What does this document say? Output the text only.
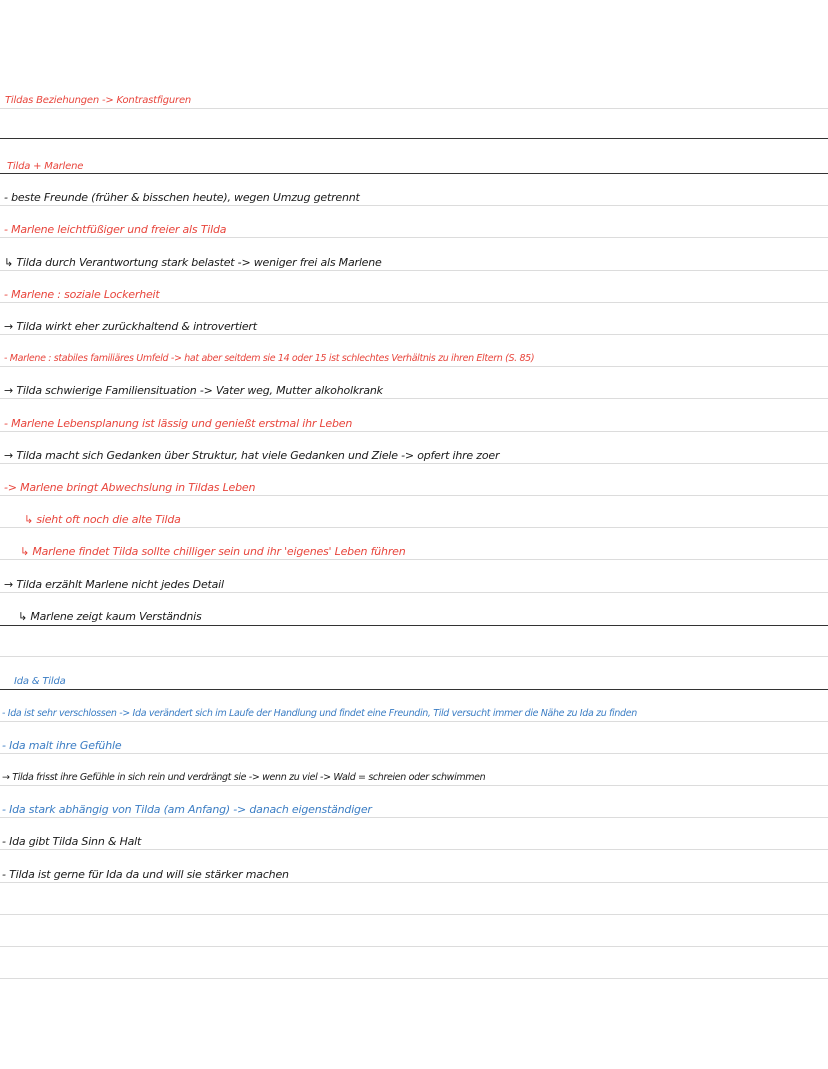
Tildas Beziehungen -> Kontrastfiguren
Tilda + Marlene
- beste Freunde (früher & bisschen heute), wegen Umzug getrennt
- Marlene leichtfüßiger und freier als Tilda
↳ Tilda durch Verantwortung stark belastet -> weniger frei als Marlene
- Marlene : soziale Lockerheit
→ Tilda wirkt eher zurückhaltend & introvertiert
- Marlene : stabiles familiäres Umfeld -> hat aber seitdem sie 14 oder 15 ist schlechtes Verhältnis zu ihren Eltern (S. 85)
→ Tilda schwierige Familiensituation -> Vater weg, Mutter alkoholkrank
- Marlene Lebensplanung ist lässig und genießt erstmal ihr Leben
→ Tilda macht sich Gedanken über Struktur, hat viele Gedanken und Ziele -> opfert ihre zoer
-> Marlene bringt Abwechslung in Tildas Leben
↳ sieht oft noch die alte Tilda
↳ Marlene findet Tilda sollte chilliger sein und ihr 'eigenes' Leben führen
→ Tilda erzählt Marlene nicht jedes Detail
↳ Marlene zeigt kaum Verständnis
Ida & Tilda
- Ida ist sehr verschlossen -> Ida verändert sich im Laufe der Handlung und findet eine Freundin, Tild versucht immer die Nähe zu Ida zu finden
- Ida malt ihre Gefühle
→ Tilda frisst ihre Gefühle in sich rein und verdrängt sie -> wenn zu viel -> Wald = schreien oder schwimmen
- Ida stark abhängig von Tilda (am Anfang) -> danach eigenständiger
- Ida gibt Tilda Sinn & Halt
- Tilda ist gerne für Ida da und will sie stärker machen
